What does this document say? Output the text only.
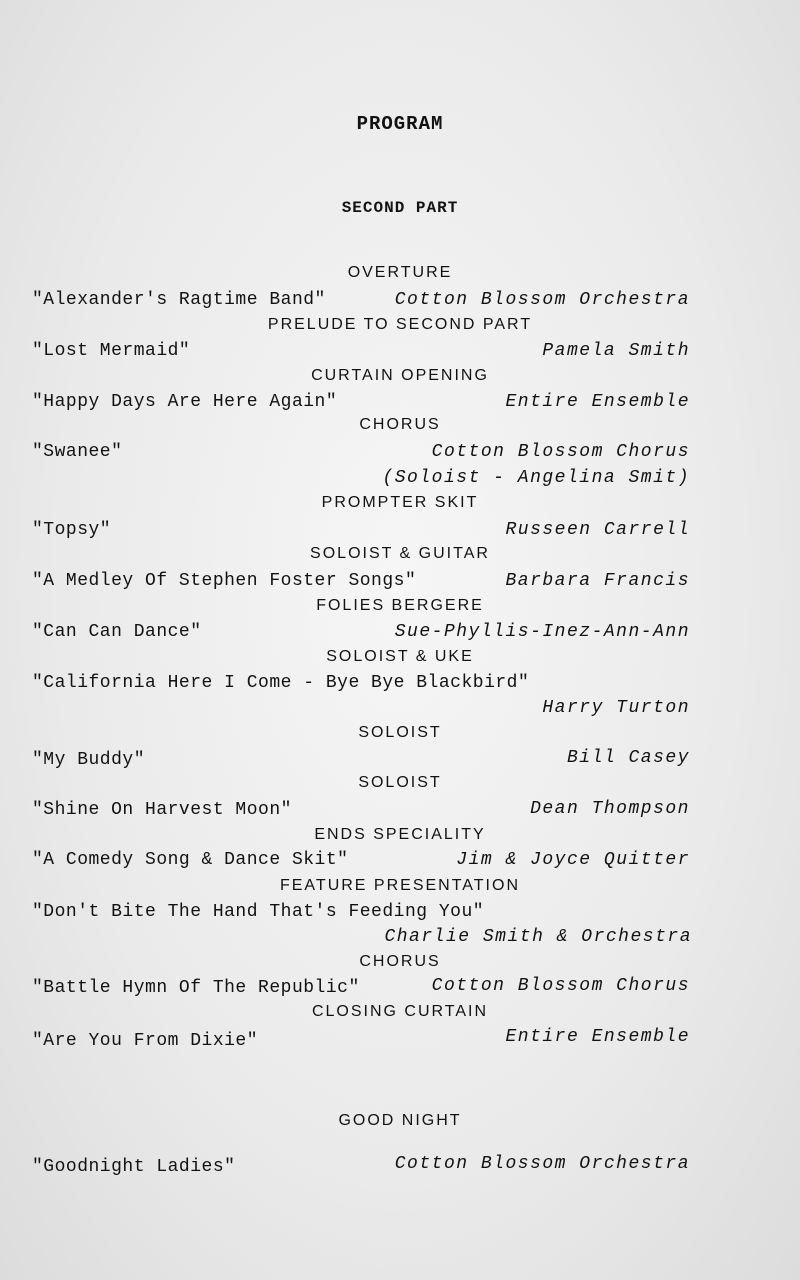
PROGRAM
SECOND PART
OVERTURE
"Alexander's Ragtime Band"	Cotton Blossom Orchestra
PRELUDE TO SECOND PART
"Lost Mermaid"	Pamela Smith
CURTAIN OPENING
"Happy Days Are Here Again"	Entire Ensemble
CHORUS
"Swanee"	Cotton Blossom Chorus
(Soloist - Angelina Smit)
PROMPTER SKIT
"Topsy"	Russeen Carrell
SOLOIST & GUITAR
"A Medley Of Stephen Foster Songs"	Barbara Francis
FOLIES BERGERE
"Can Can Dance"	Sue-Phyllis-Inez-Ann-Ann
SOLOIST & UKE
"California Here I Come - Bye Bye Blackbird"
Harry Turton
SOLOIST
"My Buddy"	Bill Casey
SOLOIST
"Shine On Harvest Moon"	Dean Thompson
ENDS SPECIALITY
"A Comedy Song & Dance Skit"	Jim & Joyce Quitter
FEATURE PRESENTATION
"Don't Bite The Hand That's Feeding You"
Charlie Smith & Orchestra
CHORUS
"Battle Hymn Of The Republic"	Cotton Blossom Chorus
CLOSING CURTAIN
"Are You From Dixie"	Entire Ensemble
GOOD NIGHT
"Goodnight Ladies"	Cotton Blossom Orchestra
